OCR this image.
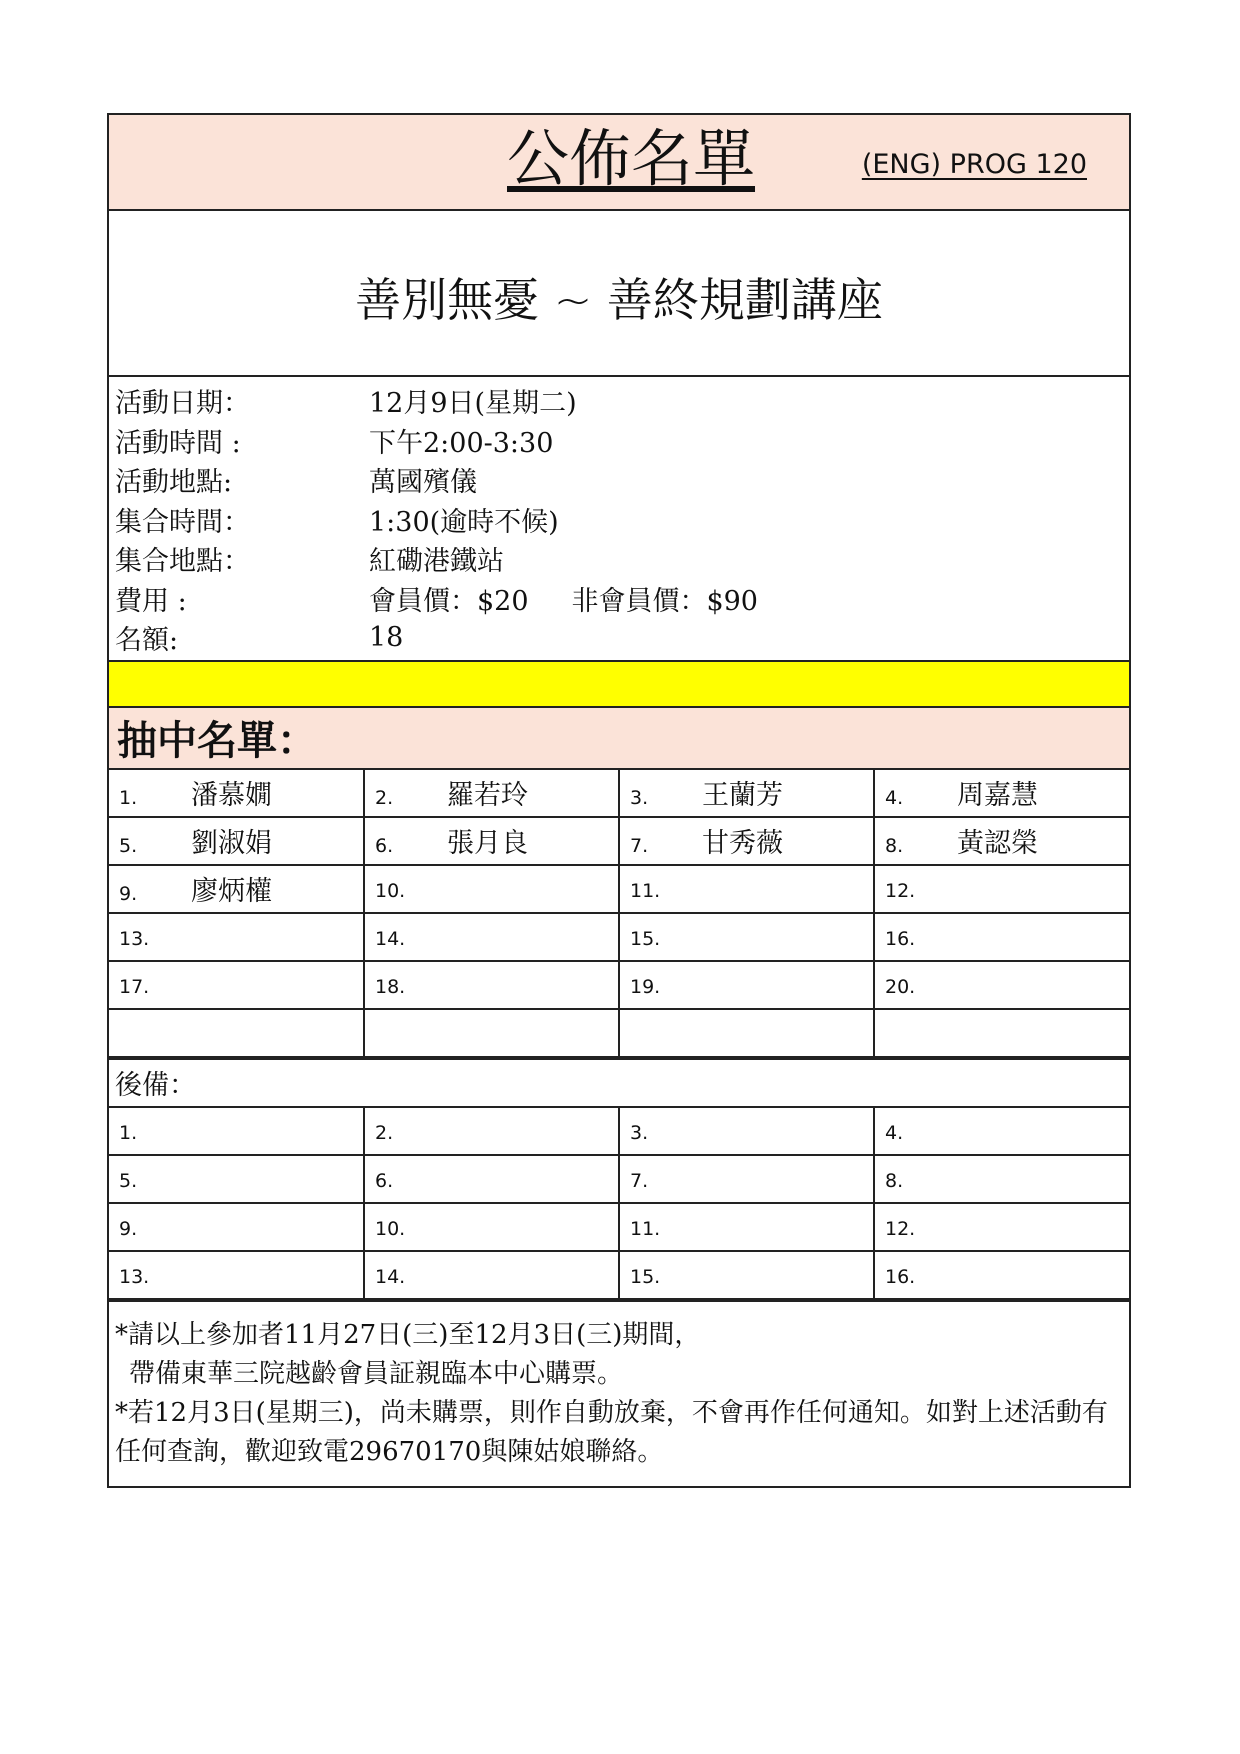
公佈名單	(ENG) PROG 120
善別無憂 ~ 善終規劃講座
活動日期：	12月9日(星期二)
活動時間 :	下午2:00-3:30
活動地點:	萬國殯儀
集合時間：	1:30(逾時不候)
集合地點：	紅磡港鐵站
費用 :	會員價：$20     非會員價：$90
名額:	18
抽中名單：
1. 潘慕嫺	2. 羅若玲	3. 王蘭芳	4. 周嘉慧
5. 劉淑娟	6. 張月良	7. 甘秀薇	8. 黃認榮
9. 廖炳權	10.	11.	12.
13.	14.	15.	16.
17.	18.	19.	20.

後備：
1.	2.	3.	4.
5.	6.	7.	8.
9.	10.	11.	12.
13.	14.	15.	16.

*請以上參加者11月27日(三)至12月3日(三)期間，

帶備東華三院越齡會員証親臨本中心購票。

*若12月3日(星期三)，尚未購票，則作自動放棄，不會再作任何通知。如對上述活動有任何查詢，歡迎致電29670170與陳姑娘聯絡。
